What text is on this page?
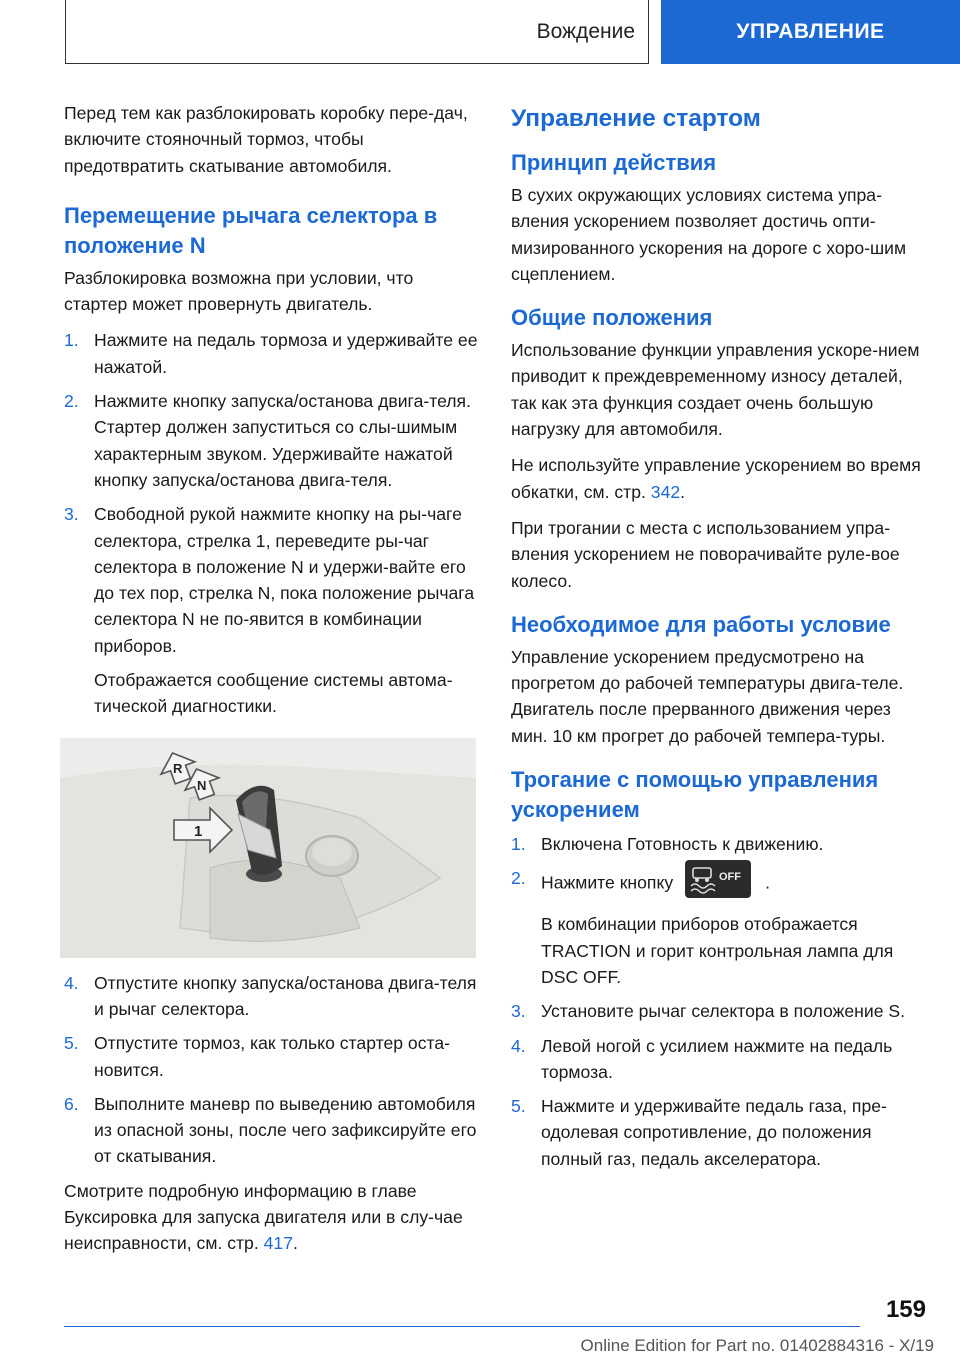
Вождение	УПРАВЛЕНИЕ

Перед тем как разблокировать коробку пере-дач, включите стояночный тормоз, чтобы предотвратить скатывание автомобиля.

Перемещение рычага селектора в положение N

Разблокировка возможна при условии, что стартер может провернуть двигатель.

1. Нажмите на педаль тормоза и удерживайте ее нажатой.

2. Нажмите кнопку запуска/останова двига-теля. Стартер должен запуститься со слы-шимым характерным звуком. Удерживайте нажатой кнопку запуска/останова двига-теля.

3. Свободной рукой нажмите кнопку на ры-чаге селектора, стрелка 1, переведите ры-чаг селектора в положение N и удержи-вайте его до тех пор, стрелка N, пока положение рычага селектора N не по-явится в комбинации приборов.

Отображается сообщение системы автома-тической диагностики.

R
N
1
4. Отпустите кнопку запуска/останова двига-теля и рычаг селектора.

5. Отпустите тормоз, как только стартер оста-новится.

6. Выполните маневр по выведению автомобиля из опасной зоны, после чего зафиксируйте его от скатывания.

Смотрите подробную информацию в главе Буксировка для запуска двигателя или в слу-чае неисправности, см. стр. 417.

Управление стартом
Принцип действия

В сухих окружающих условиях система упра-вления ускорением позволяет достичь опти-мизированного ускорения на дороге с хоро-шим сцеплением.

Общие положения

Использование функции управления ускоре-нием приводит к преждевременному износу деталей, так как эта функция создает очень большую нагрузку для автомобиля.

Не используйте управление ускорением во время обкатки, см. стр. 342.

При трогании с места с использованием упра-вления ускорением не поворачивайте руле-вое колесо.

Необходимое для работы условие

Управление ускорением предусмотрено на прогретом до рабочей температуры двига-теле. Двигатель после прерванного движения через мин. 10 км прогрет до рабочей темпера-туры.

Трогание с помощью управления ускорением
1. Включена Готовность к движению.

2. Нажмите кнопку	OFF .

В комбинации приборов отображается TRACTION и горит контрольная лампа для DSC OFF.

3. Установите рычаг селектора в положение S.

4. Левой ногой с усилием нажмите на педаль тормоза.

5. Нажмите и удерживайте педаль газа, пре-одолевая сопротивление, до положения полный газ, педаль акселератора.

159
Online Edition for Part no. 01402884316 - X/19
